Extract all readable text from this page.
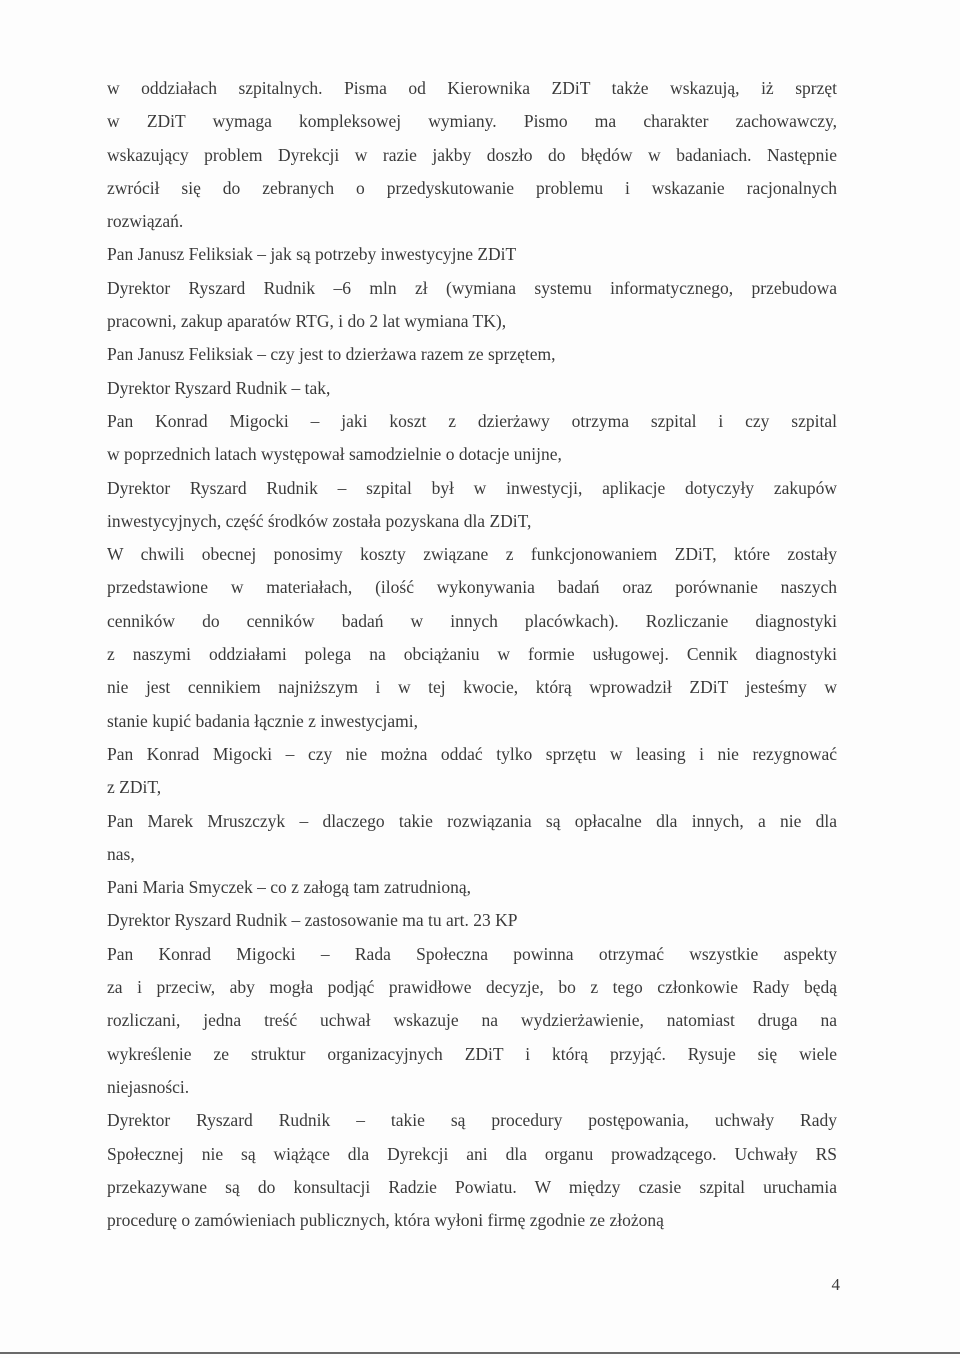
w oddziałach szpitalnych. Pisma od Kierownika ZDiT także wskazują, iż sprzęt
w ZDiT wymaga kompleksowej wymiany. Pismo ma charakter zachowawczy,
wskazujący problem Dyrekcji w razie jakby doszło do błędów w badaniach. Następnie
zwrócił się do zebranych o przedyskutowanie problemu i wskazanie racjonalnych
rozwiązań.
Pan Janusz Feliksiak – jak są potrzeby inwestycyjne ZDiT
Dyrektor Ryszard Rudnik –6 mln zł (wymiana systemu informatycznego, przebudowa
pracowni, zakup aparatów RTG, i do 2 lat wymiana TK),
Pan Janusz Feliksiak – czy jest to dzierżawa razem ze sprzętem,
Dyrektor Ryszard Rudnik – tak,
Pan Konrad Migocki – jaki koszt z dzierżawy otrzyma szpital i czy szpital
w poprzednich latach występował samodzielnie o dotacje unijne,
Dyrektor Ryszard Rudnik – szpital był w inwestycji, aplikacje dotyczyły zakupów
inwestycyjnych, część środków została pozyskana dla ZDiT,
W chwili obecnej ponosimy koszty związane z funkcjonowaniem ZDiT, które zostały
przedstawione w materiałach, (ilość wykonywania badań oraz porównanie naszych
cenników do cenników badań w innych placówkach). Rozliczanie diagnostyki
z naszymi oddziałami polega na obciążaniu w formie usługowej. Cennik diagnostyki
nie jest cennikiem najniższym i w tej kwocie, którą wprowadził ZDiT jesteśmy w
stanie kupić badania łącznie z inwestycjami,
Pan Konrad Migocki – czy nie można oddać tylko sprzętu w leasing i nie rezygnować
z ZDiT,
Pan Marek Mruszczyk – dlaczego takie rozwiązania są opłacalne dla innych, a nie dla
nas,
Pani Maria Smyczek – co z załogą tam zatrudnioną,
Dyrektor Ryszard Rudnik – zastosowanie ma tu art. 23 KP
Pan Konrad Migocki – Rada Społeczna powinna otrzymać wszystkie aspekty
za i przeciw, aby mogła podjąć prawidłowe decyzje, bo z tego członkowie Rady będą
rozliczani, jedna treść uchwał wskazuje na wydzierżawienie, natomiast druga na
wykreślenie ze struktur organizacyjnych ZDiT i którą przyjąć. Rysuje się wiele
niejasności.
Dyrektor Ryszard Rudnik – takie są procedury postępowania, uchwały Rady
Społecznej nie są wiążące dla Dyrekcji ani dla organu prowadzącego. Uchwały RS
przekazywane są do konsultacji Radzie Powiatu. W między czasie szpital uruchamia
procedurę o zamówieniach publicznych, która wyłoni firmę zgodnie ze złożoną
4
